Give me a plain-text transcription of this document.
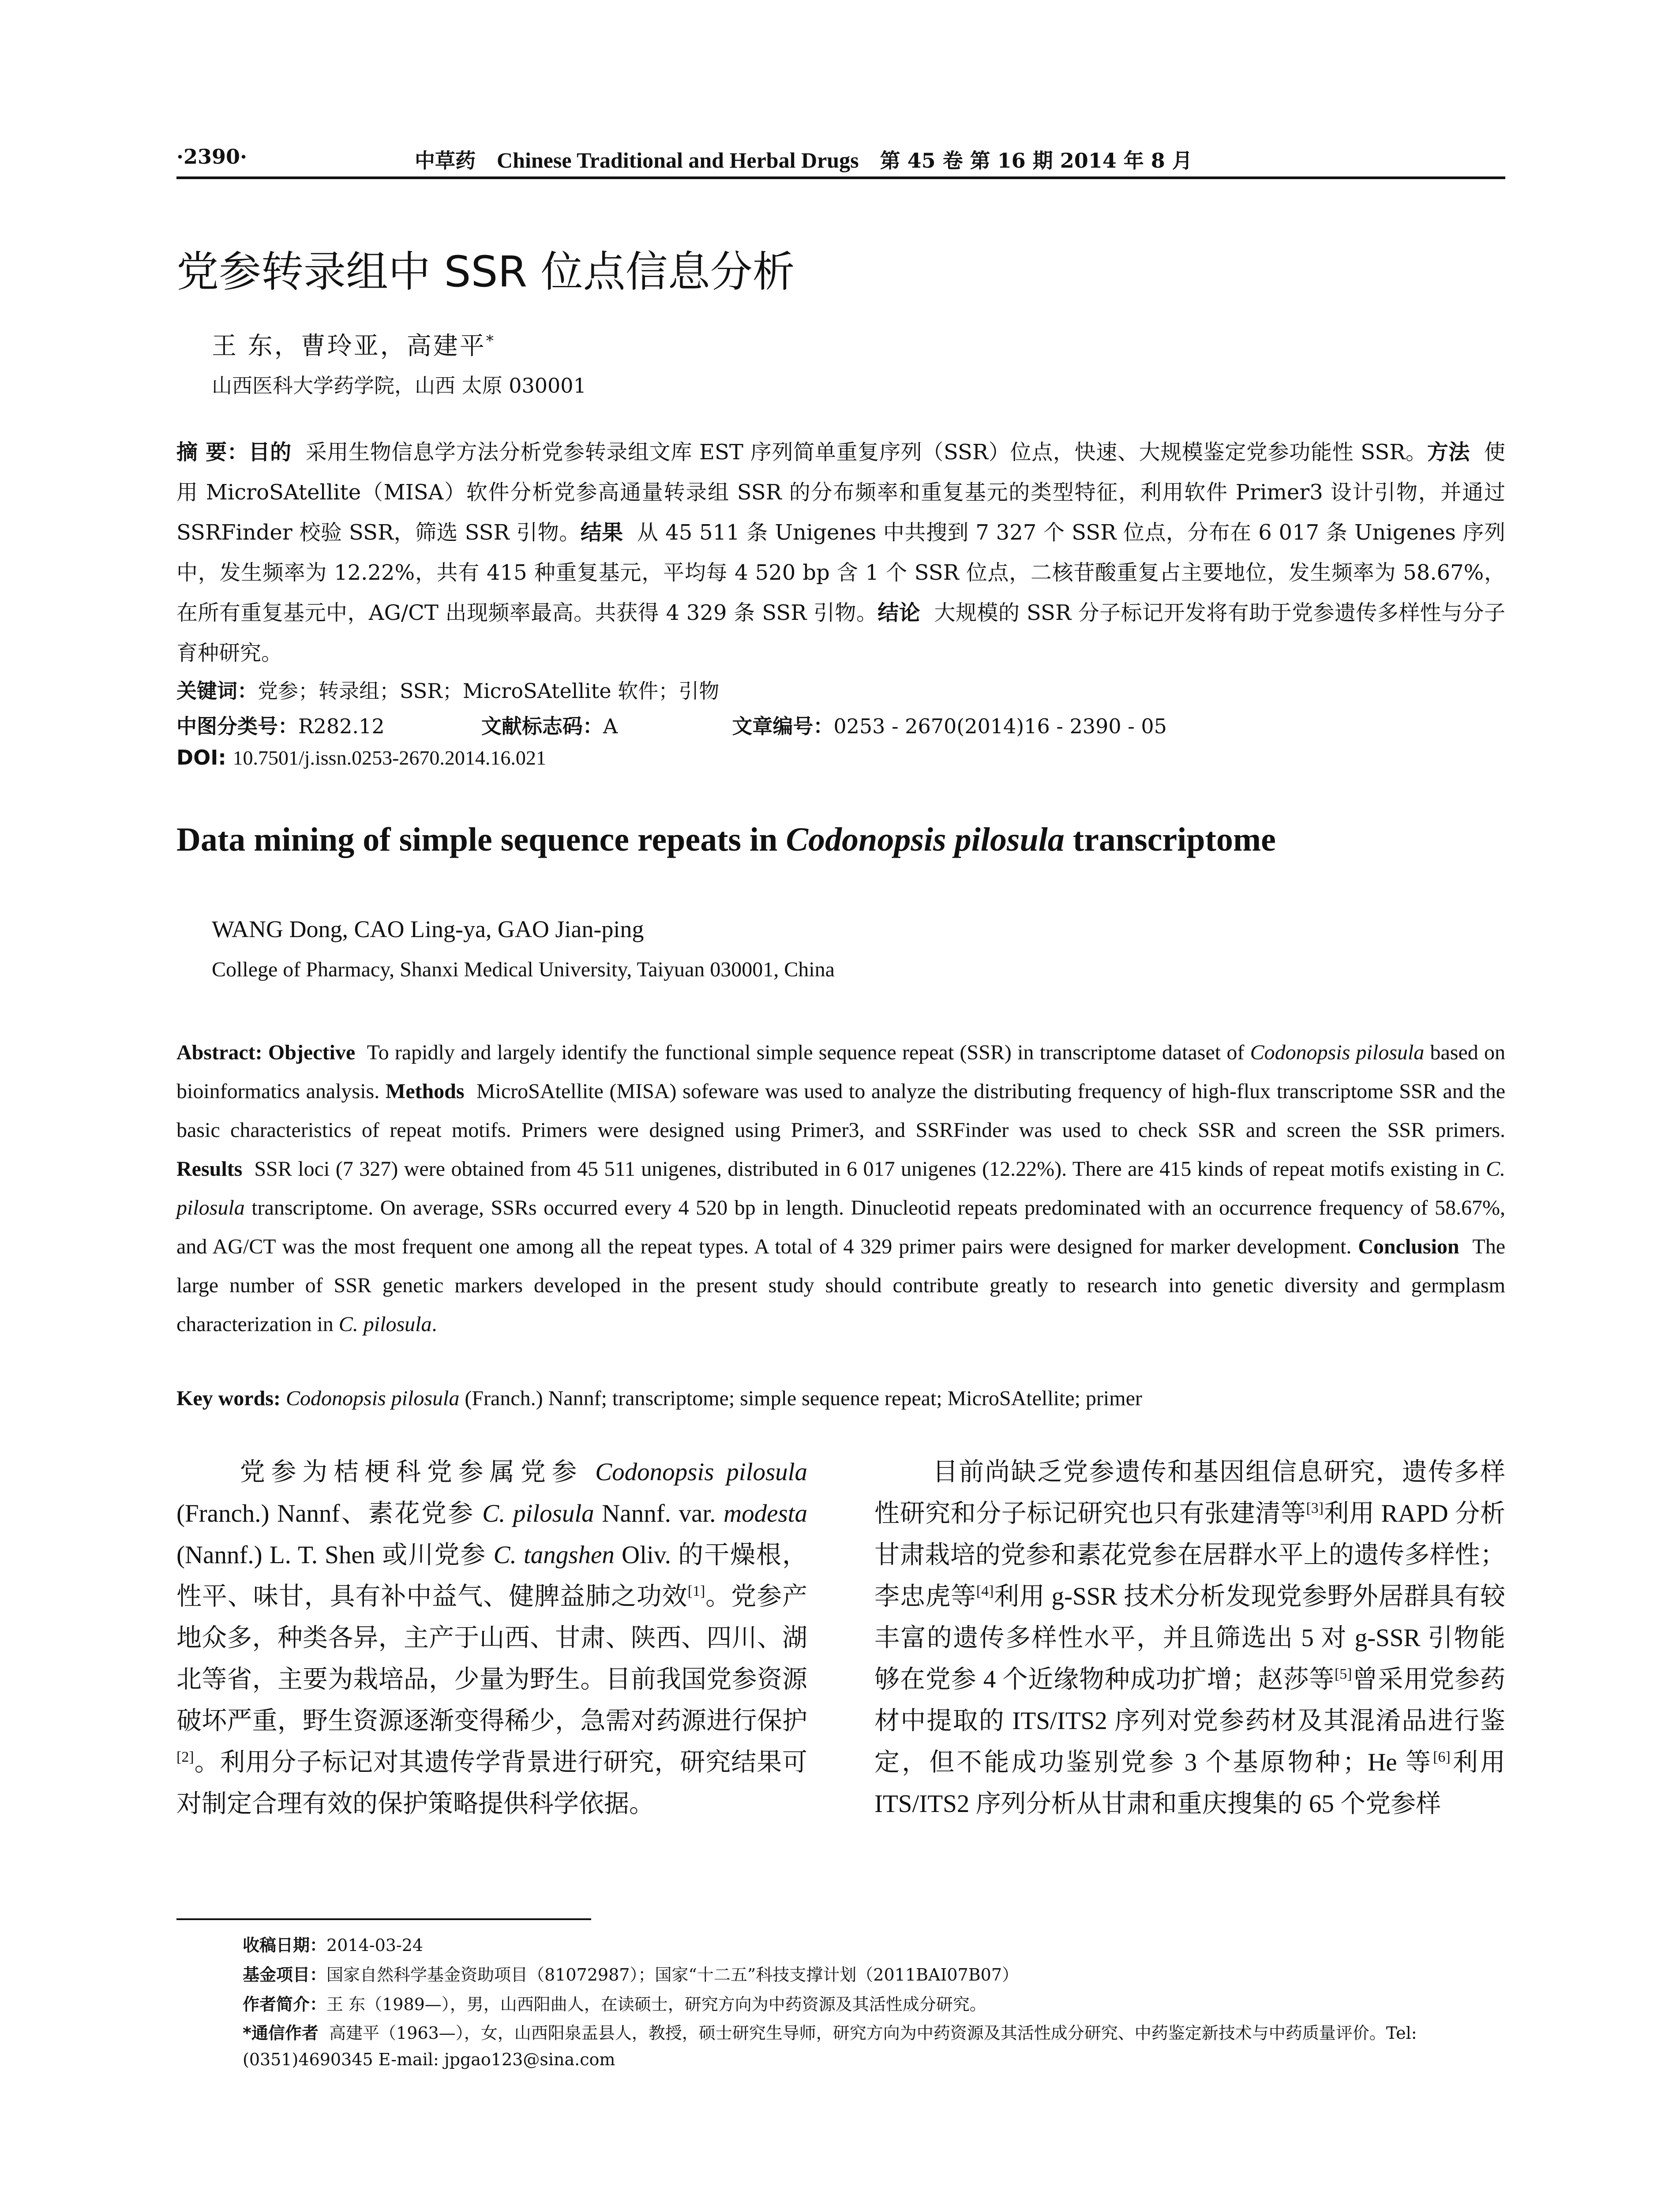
·2390·	中草药 Chinese Traditional and Herbal Drugs 第 45 卷 第 16 期 2014 年 8 月
党参转录组中 SSR 位点信息分析
王 东，曹玲亚，高建平*
山西医科大学药学院，山西 太原 030001
摘 要：目的 采用生物信息学方法分析党参转录组文库 EST 序列简单重复序列（SSR）位点，快速、大规模鉴定党参功能性 SSR。方法 使用 MicroSAtellite（MISA）软件分析党参高通量转录组 SSR 的分布频率和重复基元的类型特征，利用软件 Primer3 设计引物，并通过 SSRFinder 校验 SSR，筛选 SSR 引物。结果 从 45 511 条 Unigenes 中共搜到 7 327 个 SSR 位点，分布在 6 017 条 Unigenes 序列中，发生频率为 12.22%，共有 415 种重复基元，平均每 4 520 bp 含 1 个 SSR 位点，二核苷酸重复占主要地位，发生频率为 58.67%，在所有重复基元中，AG/CT 出现频率最高。共获得 4 329 条 SSR 引物。结论 大规模的 SSR 分子标记开发将有助于党参遗传多样性与分子育种研究。
关键词：党参；转录组；SSR；MicroSAtellite 软件；引物
中图分类号：R282.12	文献标志码：A	文章编号：0253 - 2670(2014)16 - 2390 - 05
DOI: 10.7501/j.issn.0253-2670.2014.16.021
Data mining of simple sequence repeats in Codonopsis pilosula transcriptome
WANG Dong, CAO Ling-ya, GAO Jian-ping
College of Pharmacy, Shanxi Medical University, Taiyuan 030001, China
Abstract: Objective To rapidly and largely identify the functional simple sequence repeat (SSR) in transcriptome dataset of Codonopsis pilosula based on bioinformatics analysis. Methods MicroSAtellite (MISA) sofeware was used to analyze the distributing frequency of high-flux transcriptome SSR and the basic characteristics of repeat motifs. Primers were designed using Primer3, and SSRFinder was used to check SSR and screen the SSR primers. Results SSR loci (7 327) were obtained from 45 511 unigenes, distributed in 6 017 unigenes (12.22%). There are 415 kinds of repeat motifs existing in C. pilosula transcriptome. On average, SSRs occurred every 4 520 bp in length. Dinucleotid repeats predominated with an occurrence frequency of 58.67%, and AG/CT was the most frequent one among all the repeat types. A total of 4 329 primer pairs were designed for marker development. Conclusion The large number of SSR genetic markers developed in the present study should contribute greatly to research into genetic diversity and germplasm characterization in C. pilosula.
Key words: Codonopsis pilosula (Franch.) Nannf; transcriptome; simple sequence repeat; MicroSAtellite; primer
党参为桔梗科党参属党参 Codonopsis pilosula (Franch.) Nannf、素花党参 C. pilosula Nannf. var. modesta (Nannf.) L. T. Shen 或川党参 C. tangshen Oliv. 的干燥根，性平、味甘，具有补中益气、健脾益肺之功效[1]。党参产地众多，种类各异，主产于山西、甘肃、陕西、四川、湖北等省，主要为栽培品，少量为野生。目前我国党参资源破坏严重，野生资源逐渐变得稀少，急需对药源进行保护[2]。利用分子标记对其遗传学背景进行研究，研究结果可对制定合理有效的保护策略提供科学依据。
目前尚缺乏党参遗传和基因组信息研究，遗传多样性研究和分子标记研究也只有张建清等[3]利用 RAPD 分析甘肃栽培的党参和素花党参在居群水平上的遗传多样性；李忠虎等[4]利用 g-SSR 技术分析发现党参野外居群具有较丰富的遗传多样性水平，并且筛选出 5 对 g-SSR 引物能够在党参 4 个近缘物种成功扩增；赵莎等[5]曾采用党参药材中提取的 ITS/ITS2 序列对党参药材及其混淆品进行鉴定，但不能成功鉴别党参 3 个基原物种；He 等[6]利用 ITS/ITS2 序列分析从甘肃和重庆搜集的 65 个党参样
收稿日期：2014-03-24
基金项目：国家自然科学基金资助项目（81072987）；国家“十二五”科技支撑计划（2011BAI07B07）
作者简介：王 东（1989—），男，山西阳曲人，在读硕士，研究方向为中药资源及其活性成分研究。
*通信作者 高建平（1963—），女，山西阳泉盂县人，教授，硕士研究生导师，研究方向为中药资源及其活性成分研究、中药鉴定新技术与中药质量评价。Tel: (0351)4690345 E-mail: jpgao123@sina.com
